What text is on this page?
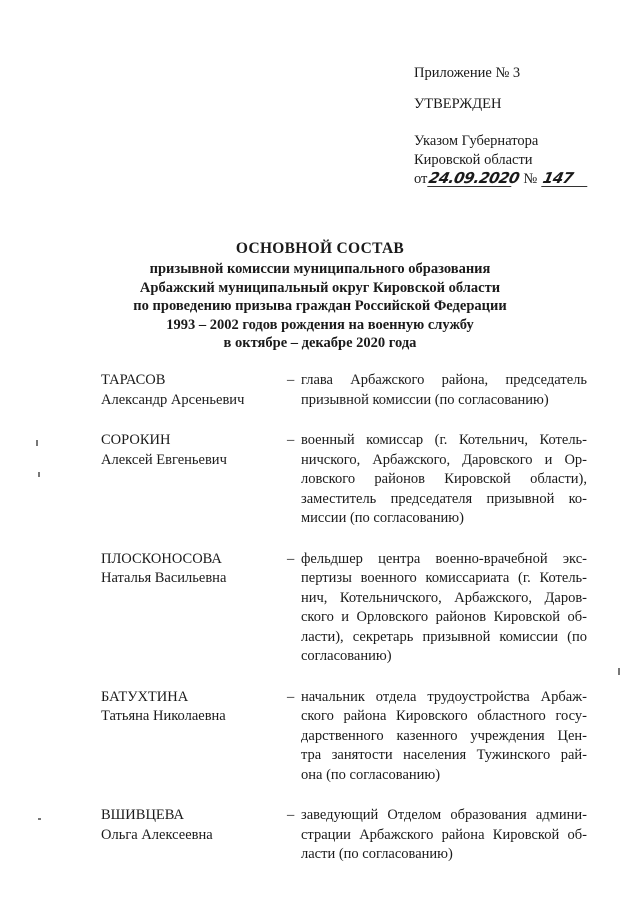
Приложение № 3
УТВЕРЖДЕН
Указом Губернатора
Кировской области
от 24.09.2020 № 147
ОСНОВНОЙ СОСТАВ
призывной комиссии муниципального образования
Арбажский муниципальный округ Кировской области
по проведению призыва граждан Российской Федерации
1993 – 2002 годов рождения на военную службу
в октябре – декабре 2020 года
ТАРАСОВ
Александр Арсеньевич
– глава Арбажского района, председатель
призывной комиссии (по согласованию)
СОРОКИН
Алексей Евгеньевич
– военный комиссар (г. Котельнич, Котель-
ничского, Арбажского, Даровского и Ор-
ловского районов Кировской области),
заместитель председателя призывной ко-
миссии (по согласованию)
ПЛОСКОНОСОВА
Наталья Васильевна
– фельдшер центра военно-врачебной экс-
пертизы военного комиссариата (г. Котель-
нич, Котельничского, Арбажского, Даров-
ского и Орловского районов Кировской об-
ласти), секретарь призывной комиссии (по
согласованию)
БАТУХТИНА
Татьяна Николаевна
– начальник отдела трудоустройства Арбаж-
ского района Кировского областного госу-
дарственного казенного учреждения Цен-
тра занятости населения Тужинского рай-
она (по согласованию)
ВШИВЦЕВА
Ольга Алексеевна
– заведующий Отделом образования админи-
страции Арбажского района Кировской об-
ласти (по согласованию)
